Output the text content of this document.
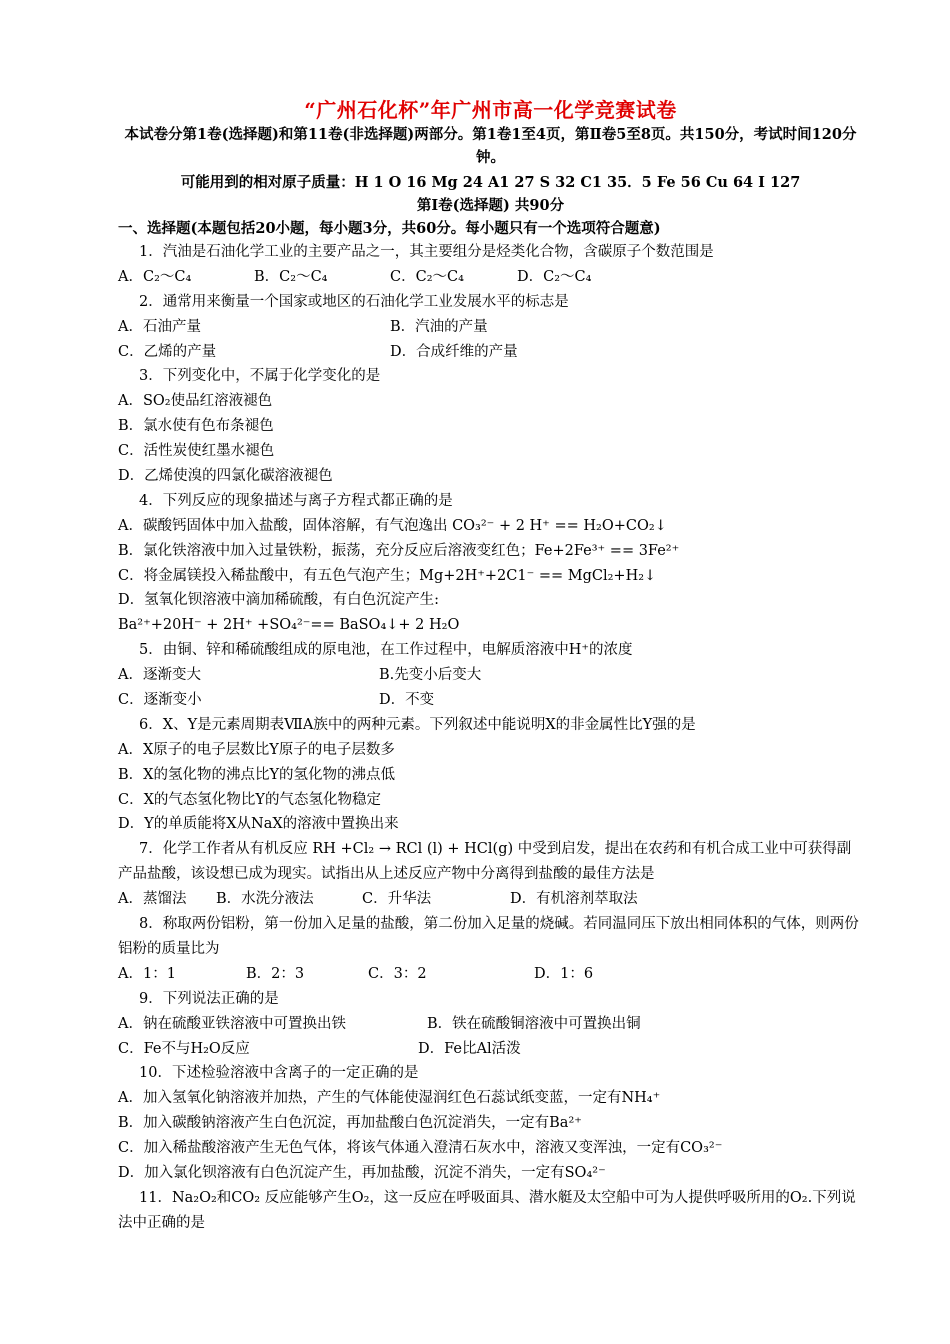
“广州石化杯”年广州市高一化学竞赛试卷
本试卷分第1卷(选择题)和第11卷(非选择题)两部分。第1卷1至4页，第Ⅱ卷5至8页。共150分，考试时间120分钟。
可能用到的相对原子质量：H 1 O 16 Mg 24 A1 27 S 32 C1 35．5 Fe 56 Cu 64 I 127
第Ⅰ卷(选择题) 共90分
一、选择题(本题包括20小题，每小题3分，共60分。每小题只有一个选项符合题意)
1．汽油是石油化学工业的主要产品之一，其主要组分是烃类化合物，含碳原子个数范围是
A．C₂～C₄	B．C₂～C₄	C．C₂～C₄	D．C₂～C₄
2．通常用来衡量一个国家或地区的石油化学工业发展水平的标志是
A．石油产量	B．汽油的产量
C．乙烯的产量	D．合成纤维的产量
3．下列变化中，不属于化学变化的是
A．SO₂使品红溶液褪色
B．氯水使有色布条褪色
C．活性炭使红墨水褪色
D．乙烯使溴的四氯化碳溶液褪色
4．下列反应的现象描述与离子方程式都正确的是
A．碳酸钙固体中加入盐酸，固体溶解，有气泡逸出 CO₃²⁻ + 2 H⁺ == H₂O+CO₂↓
B．氯化铁溶液中加入过量铁粉，振荡，充分反应后溶液变红色；Fe+2Fe³⁺ == 3Fe²⁺
C．将金属镁投入稀盐酸中，有五色气泡产生；Mg+2H⁺+2C1⁻ == MgCl₂+H₂↓
D．氢氧化钡溶液中滴加稀硫酸，有白色沉淀产生:
Ba²⁺+20H⁻ + 2H⁺ +SO₄²⁻== BaSO₄↓+ 2 H₂O
5．由铜、锌和稀硫酸组成的原电池，在工作过程中，电解质溶液中H⁺的浓度
A．逐渐变大	B.先变小后变大
C．逐渐变小	D．不变
6．X、Y是元素周期表ⅦA族中的两种元素。下列叙述中能说明X的非金属性比Y强的是
A．X原子的电子层数比Y原子的电子层数多
B．X的氢化物的沸点比Y的氢化物的沸点低
C．X的气态氢化物比Y的气态氢化物稳定
D．Y的单质能将X从NaX的溶液中置换出来
7．化学工作者从有机反应 RH +Cl₂ → RCl (l) + HCl(g) 中受到启发，提出在农药和有机合成工业中可获得副产品盐酸，该设想已成为现实。试指出从上述反应产物中分离得到盐酸的最佳方法是
A．蒸馏法 B．水洗分液法	C．升华法	D．有机溶剂萃取法
8．称取两份铝粉，第一份加入足量的盐酸，第二份加入足量的烧碱。若同温同压下放出相同体积的气体，则两份铝粉的质量比为
A．1：1	B．2：3	C．3：2	D．1：6
9．下列说法正确的是
A．钠在硫酸亚铁溶液中可置换出铁	B．铁在硫酸铜溶液中可置换出铜
C．Fe不与H₂O反应	D．Fe比Al活泼
10．下述检验溶液中含离子的一定正确的是
A．加入氢氧化钠溶液并加热，产生的气体能使湿润红色石蕊试纸变蓝，一定有NH₄⁺
B．加入碳酸钠溶液产生白色沉淀，再加盐酸白色沉淀消失，一定有Ba²⁺
C．加入稀盐酸溶液产生无色气体，将该气体通入澄清石灰水中，溶液又变浑浊，一定有CO₃²⁻
D．加入氯化钡溶液有白色沉淀产生，再加盐酸，沉淀不消失，一定有SO₄²⁻
11．Na₂O₂和CO₂ 反应能够产生O₂，这一反应在呼吸面具、潜水艇及太空船中可为人提供呼吸所用的O₂.下列说法中正确的是
